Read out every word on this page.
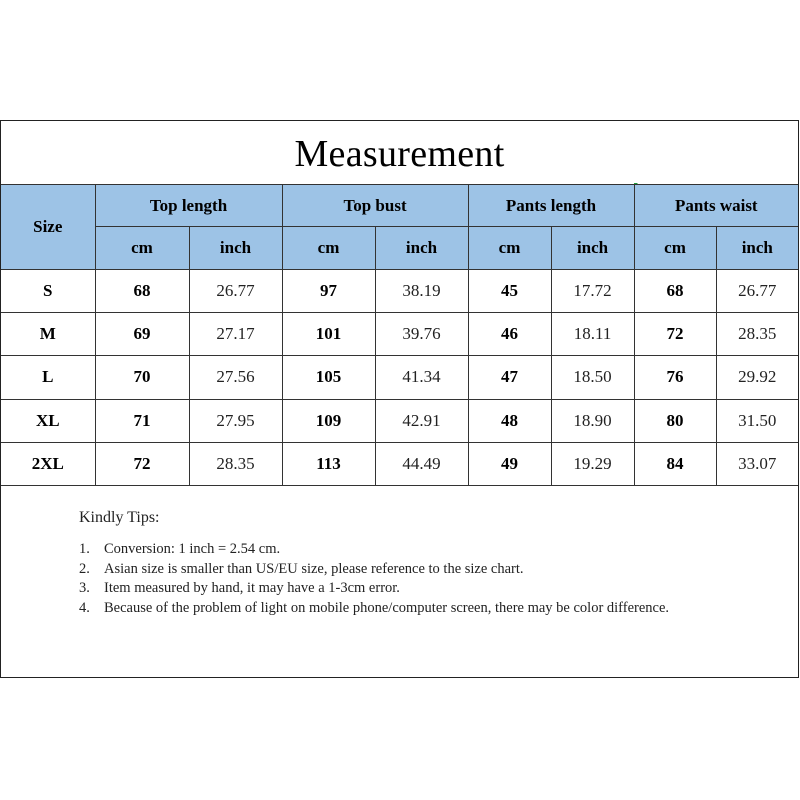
Measurement
Size	Top length		Top bust		Pants length		Pants waist	
	cm	inch	cm	inch	cm	inch	cm	inch
S	68	26.77	97	38.19	45	17.72	68	26.77
M	69	27.17	101	39.76	46	18.11	72	28.35
L	70	27.56	105	41.34	47	18.50	76	29.92
XL	71	27.95	109	42.91	48	18.90	80	31.50
2XL	72	28.35	113	44.49	49	19.29	84	33.07
Kindly Tips:
1. Conversion: 1 inch = 2.54 cm.
2. Asian size is smaller than US/EU size, please reference to the size chart.
3. Item measured by hand, it may have a 1-3cm error.
4. Because of the problem of light on mobile phone/computer screen, there may be color difference.
